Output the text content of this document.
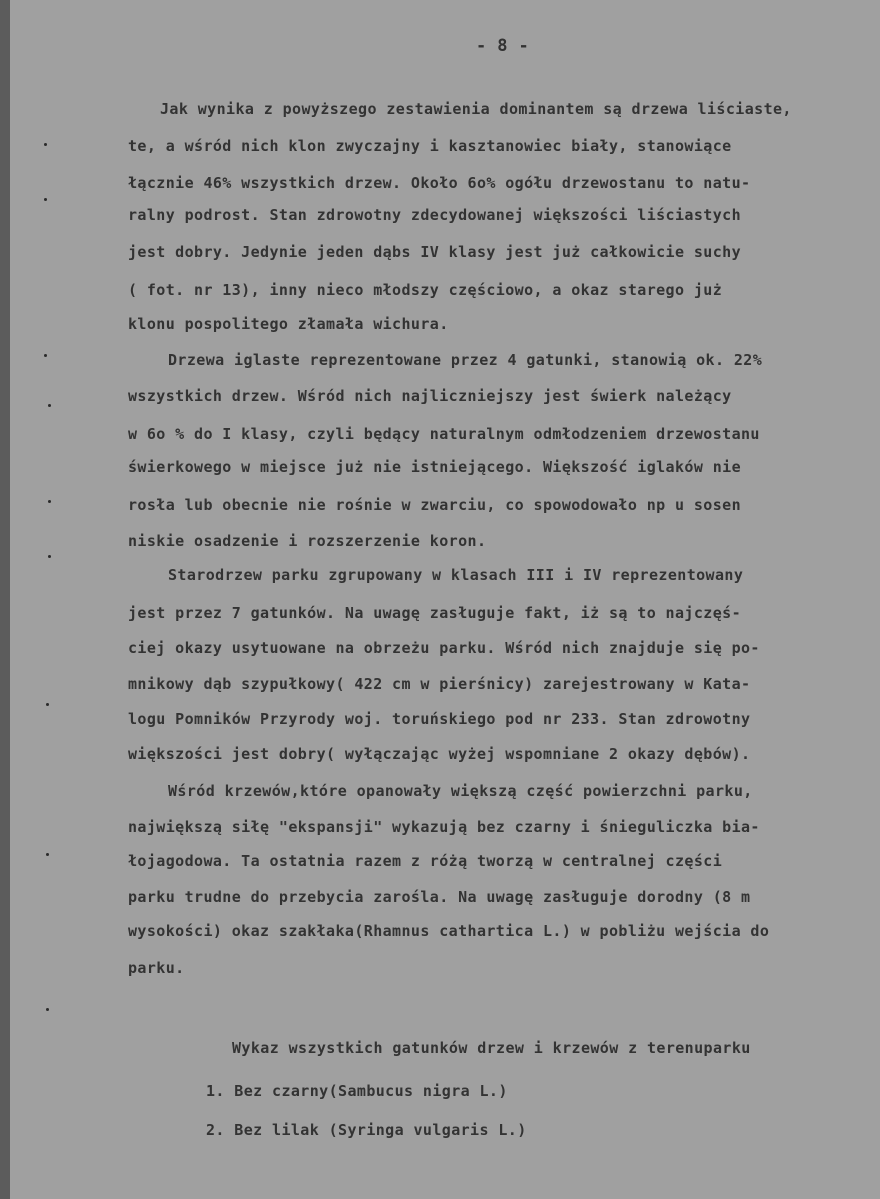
- 8 -
Jak wynika z powyższego zestawienia dominantem są drzewa liściaste,
te, a wśród nich klon zwyczajny i kasztanowiec biały, stanowiące
łącznie 46% wszystkich drzew. Około 6o% ogółu drzewostanu to natu-
ralny podrost. Stan zdrowotny zdecydowanej większości liściastych
jest dobry. Jedynie jeden dąbs IV klasy jest już całkowicie suchy
( fot. nr 13), inny nieco młodszy częściowo, a okaz starego już
klonu pospolitego złamała wichura.
Drzewa iglaste reprezentowane przez 4 gatunki, stanowią ok. 22%
wszystkich drzew. Wśród nich najliczniejszy jest świerk należący
w 6o % do I klasy, czyli będący naturalnym odmłodzeniem drzewostanu
świerkowego w miejsce już nie istniejącego. Większość iglaków nie
rosła lub obecnie nie rośnie w zwarciu, co spowodowało np u sosen
niskie osadzenie i rozszerzenie koron.
Starodrzew parku zgrupowany w klasach III i IV reprezentowany
jest przez 7 gatunków. Na uwagę zasługuje fakt, iż są to najczęś-
ciej okazy usytuowane na obrzeżu parku. Wśród nich znajduje się po-
mnikowy dąb szypułkowy( 422 cm w pierśnicy) zarejestrowany w Kata-
logu Pomników Przyrody woj. toruńskiego pod nr 233. Stan zdrowotny
większości jest dobry( wyłączając wyżej wspomniane 2 okazy dębów).
Wśród krzewów,które opanowały większą część powierzchni parku,
największą siłę "ekspansji" wykazują bez czarny i śnieguliczka bia-
łojagodowa. Ta ostatnia razem z różą tworzą w centralnej części
parku trudne do przebycia zarośla. Na uwagę zasługuje dorodny (8 m
wysokości) okaz szakłaka(Rhamnus cathartica L.) w pobliżu wejścia do
parku.
Wykaz wszystkich gatunków drzew i krzewów z terenuparku
1. Bez czarny(Sambucus nigra L.)
2. Bez lilak (Syringa vulgaris L.)
